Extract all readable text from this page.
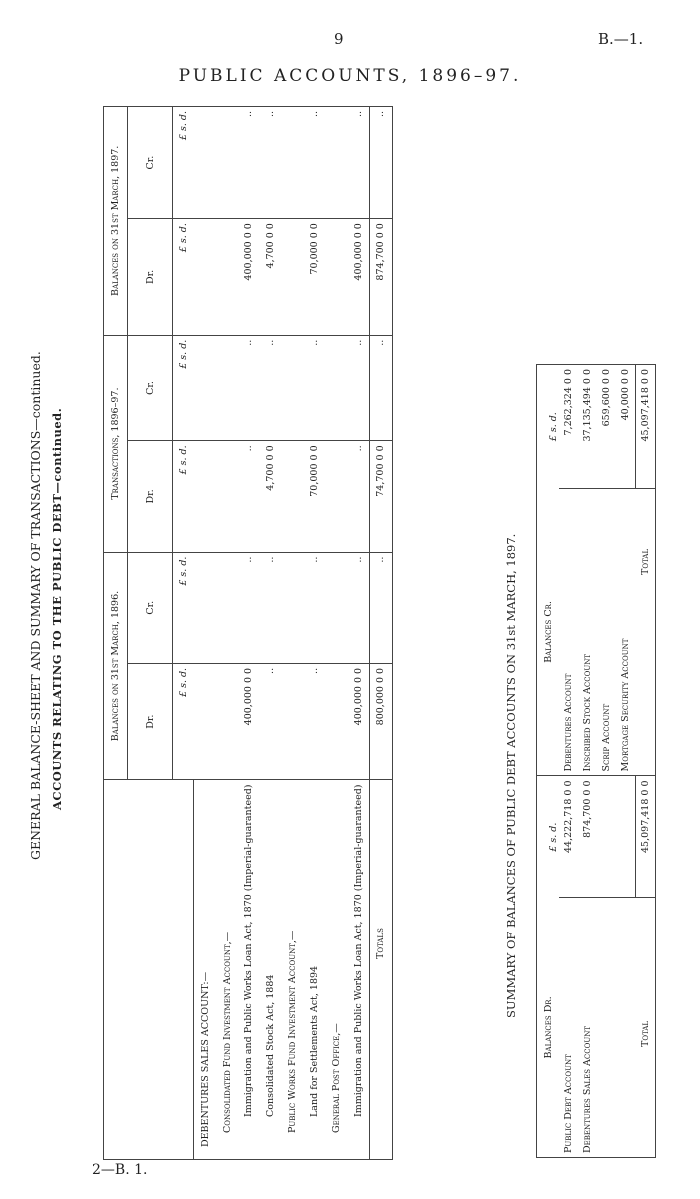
9	B.—1.
PUBLIC ACCOUNTS, 1896–97.
GENERAL BALANCE-SHEET AND SUMMARY OF TRANSACTIONS—continued. ACCOUNTS RELATING TO THE PUBLIC DEBT—continued.
		Balances on 31st March, 1896.		Transactions, 1896–97.		Balances on 31st March, 1897.	
	Dr.	Cr.	Dr.	Cr.	Dr.	Cr.
	£ s. d.	£ s. d.	£ s. d.	£ s. d.	£ s. d.	£ s. d.
DEBENTURES SALES ACCOUNT:—						
Consolidated Fund Investment Account,—						
Immigration and Public Works Loan Act, 1870 (Imperial-guaranteed)	400,000 0 0	..	..	..	400,000 0 0	..
Consolidated Stock Act, 1884	..	..	4,700 0 0	..	4,700 0 0	..
Public Works Fund Investment Account,—						
Land for Settlements Act, 1894	..	..	70,000 0 0	..	70,000 0 0	..
General Post Office,—						
Immigration and Public Works Loan Act, 1870 (Imperial-guaranteed)	400,000 0 0	..	..	..	400,000 0 0	..
Totals	800,000 0 0	..	74,700 0 0	..	874,700 0 0	..
SUMMARY OF BALANCES OF PUBLIC DEBT ACCOUNTS ON 31st MARCH, 1897.
Balances Dr.	£ s. d.	Balances Cr.	£ s. d.
Public Debt Account	44,222,718 0 0	Debentures Account	7,262,324 0 0
Debentures Sales Account	874,700 0 0	Inscribed Stock Account	37,135,494 0 0
		Scrip Account	659,600 0 0
		Mortgage Security Account	40,000 0 0
Total	45,097,418 0 0	Total	45,097,418 0 0
2—B. 1.
